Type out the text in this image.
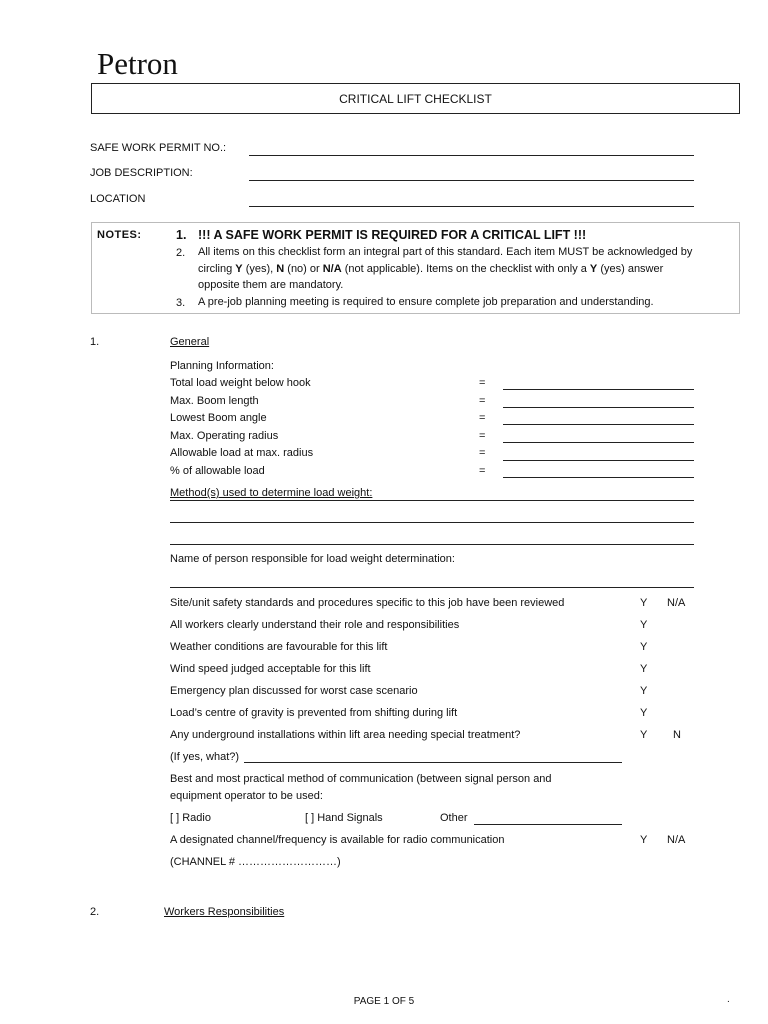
Petron
CRITICAL LIFT CHECKLIST
SAFE WORK PERMIT NO.:
JOB DESCRIPTION:
LOCATION
NOTES:	1. !!! A SAFE WORK PERMIT IS REQUIRED FOR A CRITICAL LIFT !!!
2. All items on this checklist form an integral part of this standard. Each item MUST be acknowledged by
circling Y (yes), N (no) or N/A (not applicable). Items on the checklist with only a Y (yes) answer
opposite them are mandatory.
3. A pre-job planning meeting is required to ensure complete job preparation and understanding.
1.	General
Planning Information:
Total load weight below hook	=
Max. Boom length	=
Lowest Boom angle	=
Max. Operating radius	=
Allowable load at max. radius	=
% of allowable load	=
Method(s) used to determine load weight:
Name of person responsible for load weight determination:
Site/unit safety standards and procedures specific to this job have been reviewed	Y N/A
All workers clearly understand their role and responsibilities	Y
Weather conditions are favourable for this lift	Y
Wind speed judged acceptable for this lift	Y
Emergency plan discussed for worst case scenario	Y
Load’s centre of gravity is prevented from shifting during lift	Y
Any underground installations within lift area needing special treatment?	Y N
(If yes, what?)
Best and most practical method of communication (between signal person and
equipment operator to be used:
[ ] Radio	[ ] Hand Signals	Other
A designated channel/frequency is available for radio communication	Y N/A
(CHANNEL # ………………………)
2.	Workers Responsibilities
PAGE 1 OF 5	.
